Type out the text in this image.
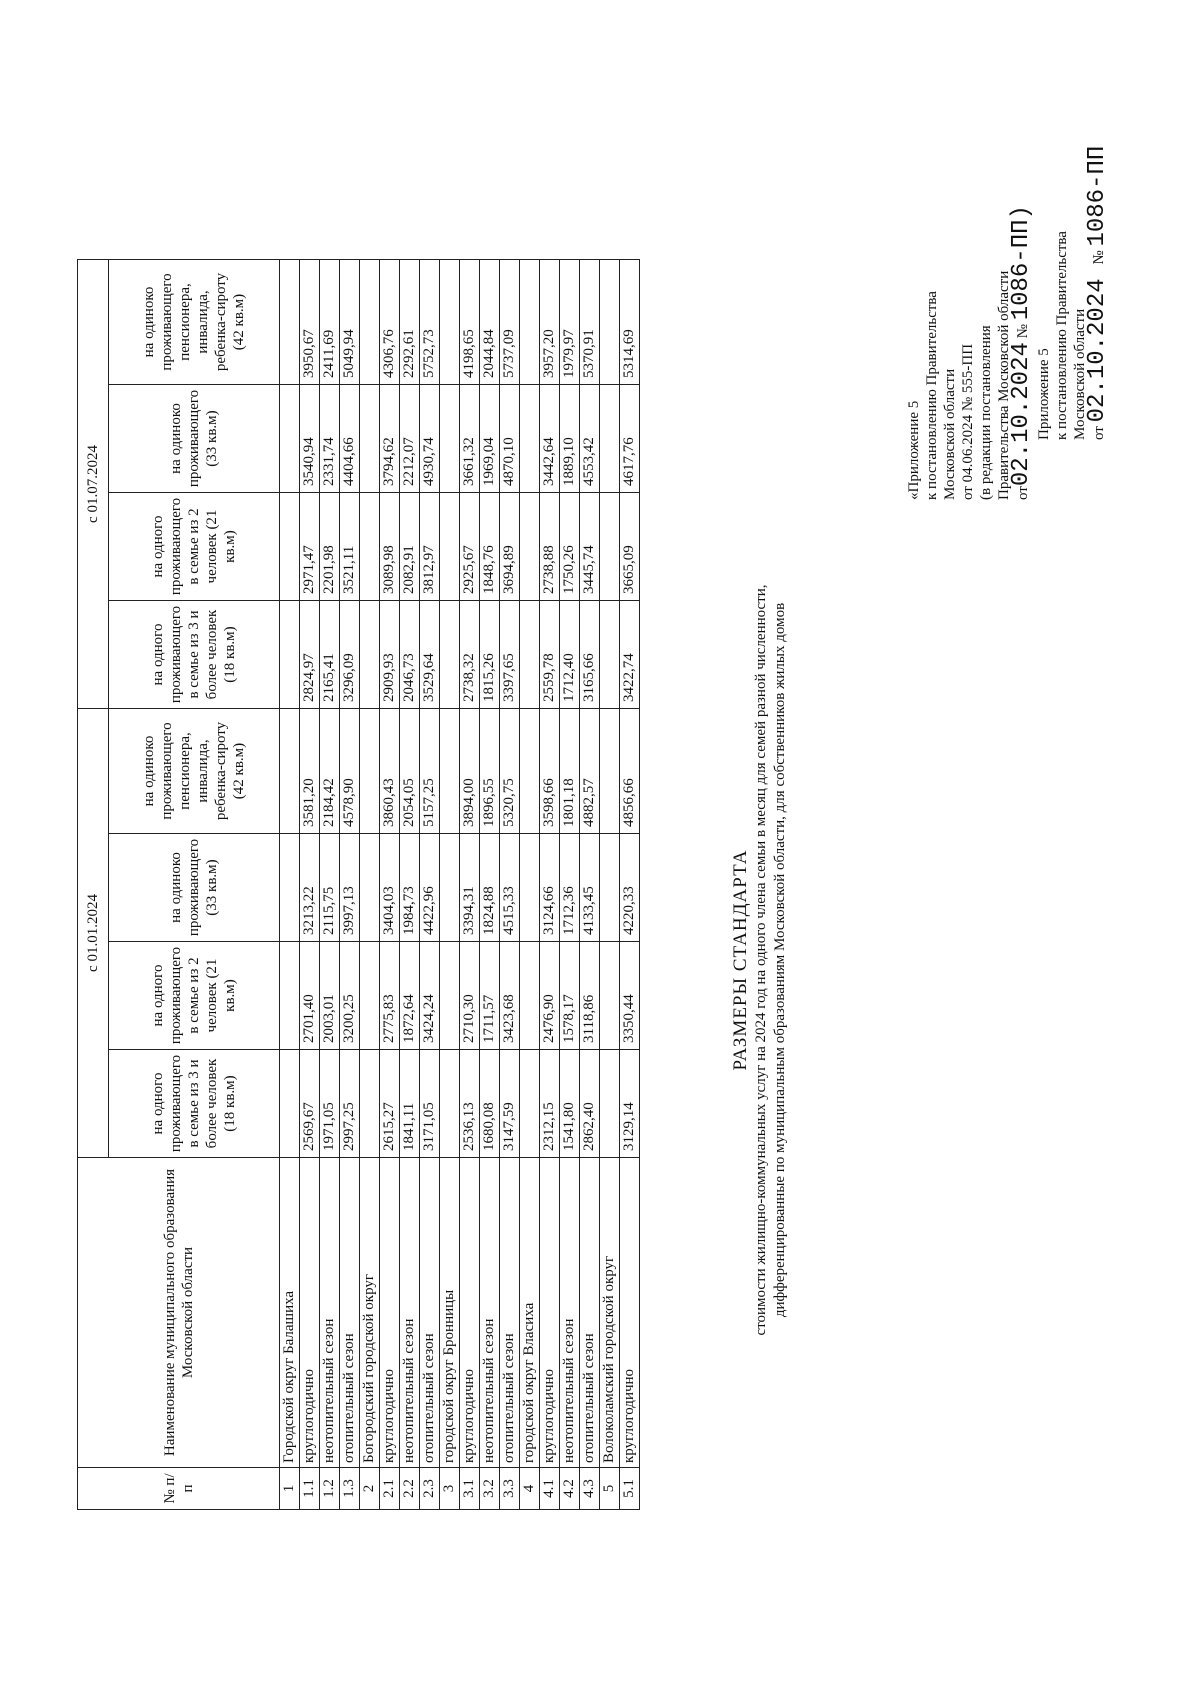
Приложение 5 к постановлению Правительства Московской области от 02.10.2024 № 1086-ПП
«Приложение 5 к постановлению Правительства Московской области от 04.06.2024 № 555-ПП (в редакции постановления Правительства Московской области от02.10.2024 № 1086-ПП)
РАЗМЕРЫ СТАНДАРТА стоимости жилищно-коммунальных услуг на 2024 год на одного члена семьи в месяц для семей разной численности, дифференцированные по муниципальным образованиям Московской области, для собственников жилых домов
№ п/п	Наименование муниципального образования Московской области	с 01.01.2024				с 01.07.2024			
		на одного проживающего в семье из 3 и более человек (18 кв.м)	на одного проживающего в семье из 2 человек (21 кв.м)	на одиноко проживающего (33 кв.м)	на одиноко проживающего пенсионера, инвалида, ребенка-сироту (42 кв.м)	на одного проживающего в семье из 3 и более человек (18 кв.м)	на одного проживающего в семье из 2 человек (21 кв.м)	на одиноко проживающего (33 кв.м)	на одиноко проживающего пенсионера, инвалида, ребенка-сироту (42 кв.м)
1	Городской округ Балашиха								
1.1	круглогодично	2569,67	2701,40	3213,22	3581,20	2824,97	2971,47	3540,94	3950,67
1.2	неотопительный сезон	1971,05	2003,01	2115,75	2184,42	2165,41	2201,98	2331,74	2411,69
1.3	отопительный сезон	2997,25	3200,25	3997,13	4578,90	3296,09	3521,11	4404,66	5049,94
2	Богородский городской округ								
2.1	круглогодично	2615,27	2775,83	3404,03	3860,43	2909,93	3089,98	3794,62	4306,76
2.2	неотопительный сезон	1841,11	1872,64	1984,73	2054,05	2046,73	2082,91	2212,07	2292,61
2.3	отопительный сезон	3171,05	3424,24	4422,96	5157,25	3529,64	3812,97	4930,74	5752,73
3	городской округ Бронницы								
3.1	круглогодично	2536,13	2710,30	3394,31	3894,00	2738,32	2925,67	3661,32	4198,65
3.2	неотопительный сезон	1680,08	1711,57	1824,88	1896,55	1815,26	1848,76	1969,04	2044,84
3.3	отопительный сезон	3147,59	3423,68	4515,33	5320,75	3397,65	3694,89	4870,10	5737,09
4	городской округ Власиха								
4.1	круглогодично	2312,15	2476,90	3124,66	3598,66	2559,78	2738,88	3442,64	3957,20
4.2	неотопительный сезон	1541,80	1578,17	1712,36	1801,18	1712,40	1750,26	1889,10	1979,97
4.3	отопительный сезон	2862,40	3118,86	4133,45	4882,57	3165,66	3445,74	4553,42	5370,91
5	Волоколамский городской округ								
5.1	круглогодично	3129,14	3350,44	4220,33	4856,66	3422,74	3665,09	4617,76	5314,69
